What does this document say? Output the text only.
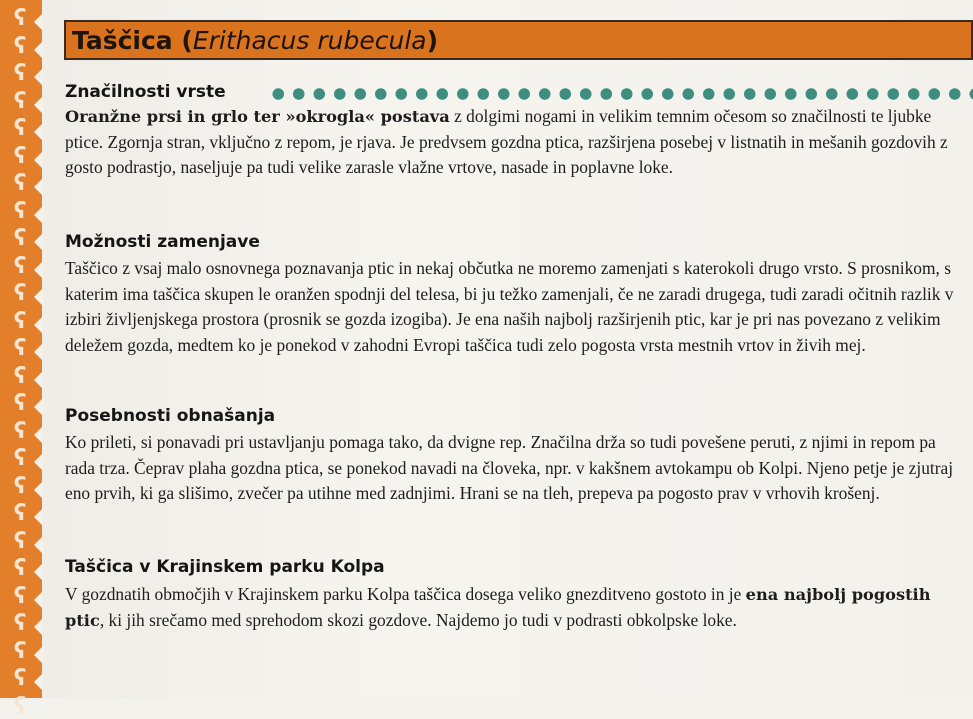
ʕ
ʕ
ʕ
ʕ
ʕ
ʕ
ʕ
ʕ
ʕ
ʕ
ʕ
ʕ
ʕ
ʕ
ʕ
ʕ
ʕ
ʕ
ʕ
ʕ
ʕ
ʕ
ʕ
ʕ
ʕ
ʕ
Taščica (Erithacus rubecula)
Značilnosti vrste
Oranžne prsi in grlo ter »okrogla« postava z dolgimi nogami in velikim temnim očesom so značilnosti te ljubke ptice. Zgornja stran, vključno z repom, je rjava. Je predvsem gozdna ptica, razširjena posebej v listnatih in mešanih gozdovih z gosto podrastjo, naseljuje pa tudi velike zarasle vlažne vrtove, nasade in poplavne loke.
Možnosti zamenjave
Taščico z vsaj malo osnovnega poznavanja ptic in nekaj občutka ne moremo zamenjati s katerokoli drugo vrsto. S prosnikom, s katerim ima taščica skupen le oranžen spodnji del telesa, bi ju težko zamenjali, če ne zaradi drugega, tudi zaradi očitnih razlik v izbiri življenjskega prostora (prosnik se gozda izogiba). Je ena naših najbolj razširjenih ptic, kar je pri nas povezano z velikim deležem gozda, medtem ko je ponekod v zahodni Evropi taščica tudi zelo pogosta vrsta mestnih vrtov in živih mej.
Posebnosti obnašanja
Ko prileti, si ponavadi pri ustavljanju pomaga tako, da dvigne rep. Značilna drža so tudi povešene peruti, z njimi in repom pa rada trza. Čeprav plaha gozdna ptica, se ponekod navadi na človeka, npr. v kakšnem avtokampu ob Kolpi. Njeno petje je zjutraj eno prvih, ki ga slišimo, zvečer pa utihne med zadnjimi. Hrani se na tleh, prepeva pa pogosto prav v vrhovih krošenj.
Taščica v Krajinskem parku Kolpa
V gozdnatih območjih v Krajinskem parku Kolpa taščica dosega veliko gnezditveno gostoto in je ena najbolj pogostih ptic, ki jih srečamo med sprehodom skozi gozdove. Najdemo jo tudi v podrasti obkolpske loke.
